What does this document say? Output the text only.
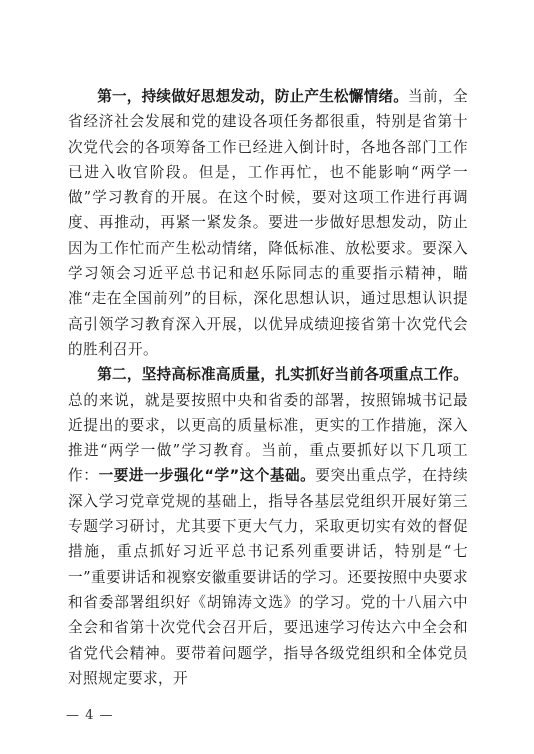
第一，持续做好思想发动，防止产生松懈情绪。当前，全省经济社会发展和党的建设各项任务都很重，特别是省第十次党代会的各项筹备工作已经进入倒计时，各地各部门工作已进入收官阶段。但是，工作再忙，也不能影响“两学一做”学习教育的开展。在这个时候，要对这项工作进行再调度、再推动，再紧一紧发条。要进一步做好思想发动，防止因为工作忙而产生松动情绪，降低标准、放松要求。要深入学习领会习近平总书记和赵乐际同志的重要指示精神，瞄准“走在全国前列”的目标，深化思想认识，通过思想认识提高引领学习教育深入开展，以优异成绩迎接省第十次党代会的胜利召开。

第二，坚持高标准高质量，扎实抓好当前各项重点工作。总的来说，就是要按照中央和省委的部署，按照锦城书记最近提出的要求，以更高的质量标准，更实的工作措施，深入推进“两学一做”学习教育。当前，重点要抓好以下几项工作：一要进一步强化“学”这个基础。要突出重点学，在持续深入学习党章党规的基础上，指导各基层党组织开展好第三专题学习研讨，尤其要下更大气力，采取更切实有效的督促措施，重点抓好习近平总书记系列重要讲话，特别是“七一”重要讲话和视察安徽重要讲话的学习。还要按照中央要求和省委部署组织好《胡锦涛文选》的学习。党的十八届六中全会和省第十次党代会召开后，要迅速学习传达六中全会和省党代会精神。要带着问题学，指导各级党组织和全体党员对照规定要求，开

— 4 —
